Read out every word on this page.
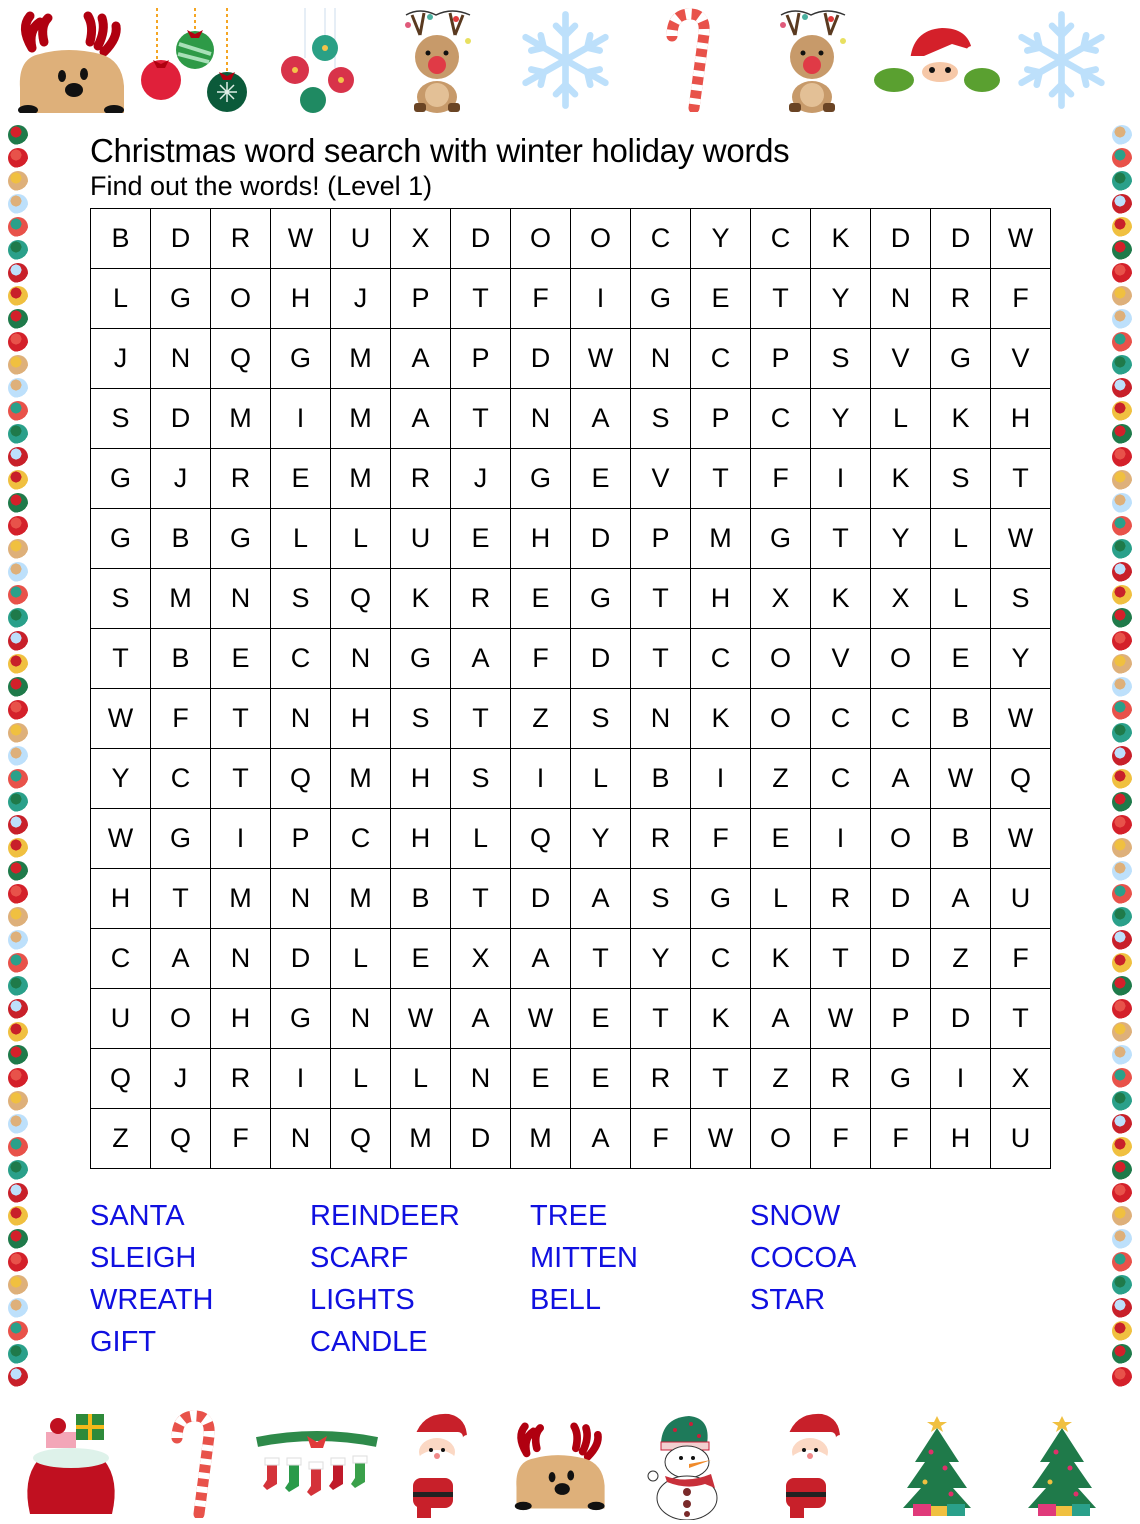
Christmas word search with winter holiday words
Find out the words! (Level 1)
B	D	R	W	U	X	D	O	O	C	Y	C	K	D	D	W
L	G	O	H	J	P	T	F	I	G	E	T	Y	N	R	F
J	N	Q	G	M	A	P	D	W	N	C	P	S	V	G	V
S	D	M	I	M	A	T	N	A	S	P	C	Y	L	K	H
G	J	R	E	M	R	J	G	E	V	T	F	I	K	S	T
G	B	G	L	L	U	E	H	D	P	M	G	T	Y	L	W
S	M	N	S	Q	K	R	E	G	T	H	X	K	X	L	S
T	B	E	C	N	G	A	F	D	T	C	O	V	O	E	Y
W	F	T	N	H	S	T	Z	S	N	K	O	C	C	B	W
Y	C	T	Q	M	H	S	I	L	B	I	Z	C	A	W	Q
W	G	I	P	C	H	L	Q	Y	R	F	E	I	O	B	W
H	T	M	N	M	B	T	D	A	S	G	L	R	D	A	U
C	A	N	D	L	E	X	A	T	Y	C	K	T	D	Z	F
U	O	H	G	N	W	A	W	E	T	K	A	W	P	D	T
Q	J	R	I	L	L	N	E	E	R	T	Z	R	G	I	X
Z	Q	F	N	Q	M	D	M	A	F	W	O	F	F	H	U
SANTA	REINDEER	TREE	SNOW
SLEIGH	SCARF	MITTEN	COCOA
WREATH	LIGHTS	BELL	STAR
GIFT	CANDLE
